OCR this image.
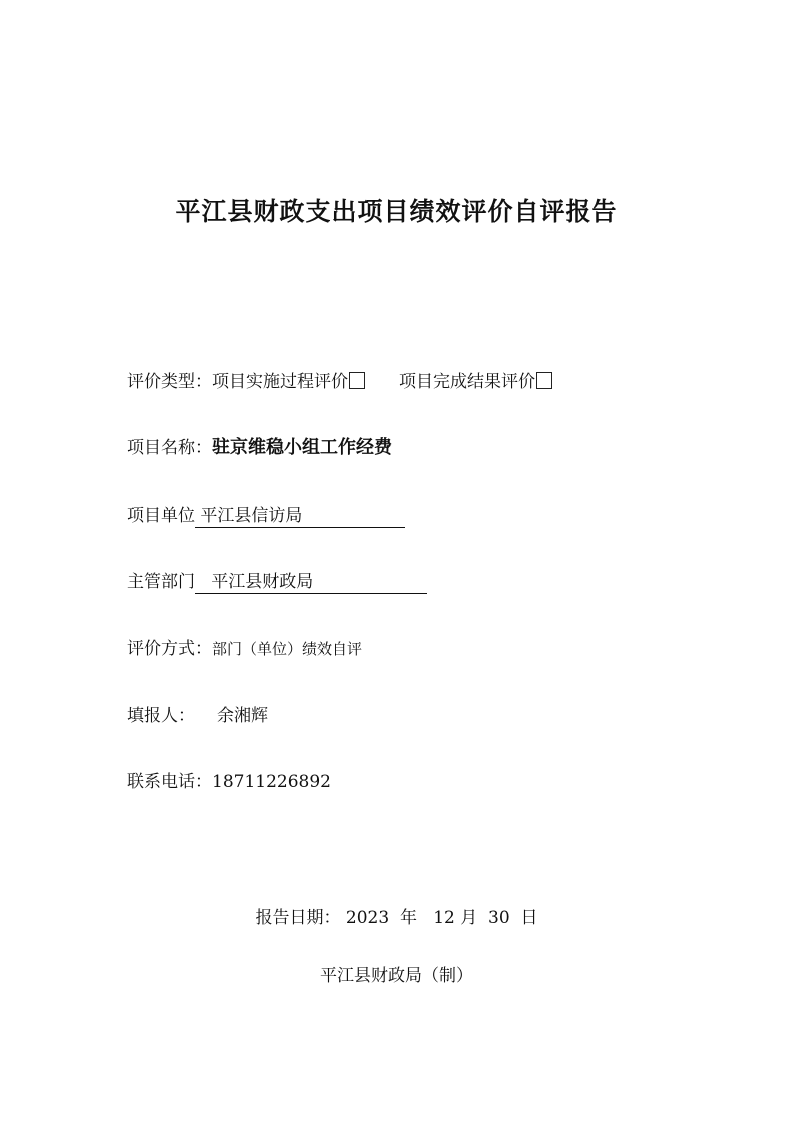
平江县财政支出项目绩效评价自评报告
评价类型：项目实施过程评价	项目完成结果评价
项目名称：驻京维稳小组工作经费
项目单位 平江县信访局
主管部门 平江县财政局
评价方式：部门（单位）绩效自评
填报人： 余湘辉
联系电话：18711226892
报告日期： 2023 年 12 月 30 日
平江县财政局（制）
